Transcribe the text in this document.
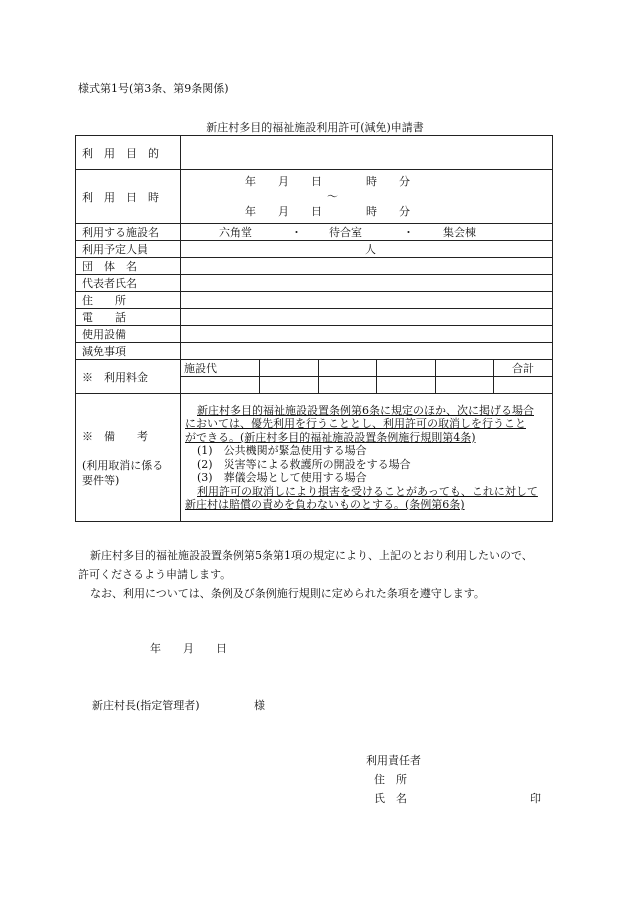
様式第1号(第3条、第9条関係)
新庄村多目的福祉施設利用許可(減免)申請書
利　用　目　的	
利　用　日　時	
年　　月　　日　　　　時　　分
～
年　　月　　日　　　　時　　分

利用する施設名	六角堂	・ 待合室	・	集会棟
利用予定人員	人
団　体　名	
代表者氏名	
住　　所	
電　　話	
使用設備	
減免事項	
※　利用料金	
施設代					合計

※　備　　考
(利用取消に係る要件等)

新庄村多目的福祉施設設置条例第6条に規定のほか、次に掲げる場合

においては、優先利用を行うこととし、利用許可の取消しを行うこと

ができる。(新庄村多目的福祉施設設置条例施行規則第4条)

(1)　公共機関が緊急使用する場合

(2)　災害等による救護所の開設をする場合

(3)　葬儀会場として使用する場合

利用許可の取消しにより損害を受けることがあっても、これに対して

新庄村は賠償の責めを負わないものとする。(条例第6条)

新庄村多目的福祉施設設置条例第5条第1項の規定により、上記のとおり利用したいので、
許可くださるよう申請します。
なお、利用については、条例及び条例施行規則に定められた条項を遵守します。
年　　月　　日
新庄村長(指定管理者)	様
利用責任者
住　所
氏　名	印
